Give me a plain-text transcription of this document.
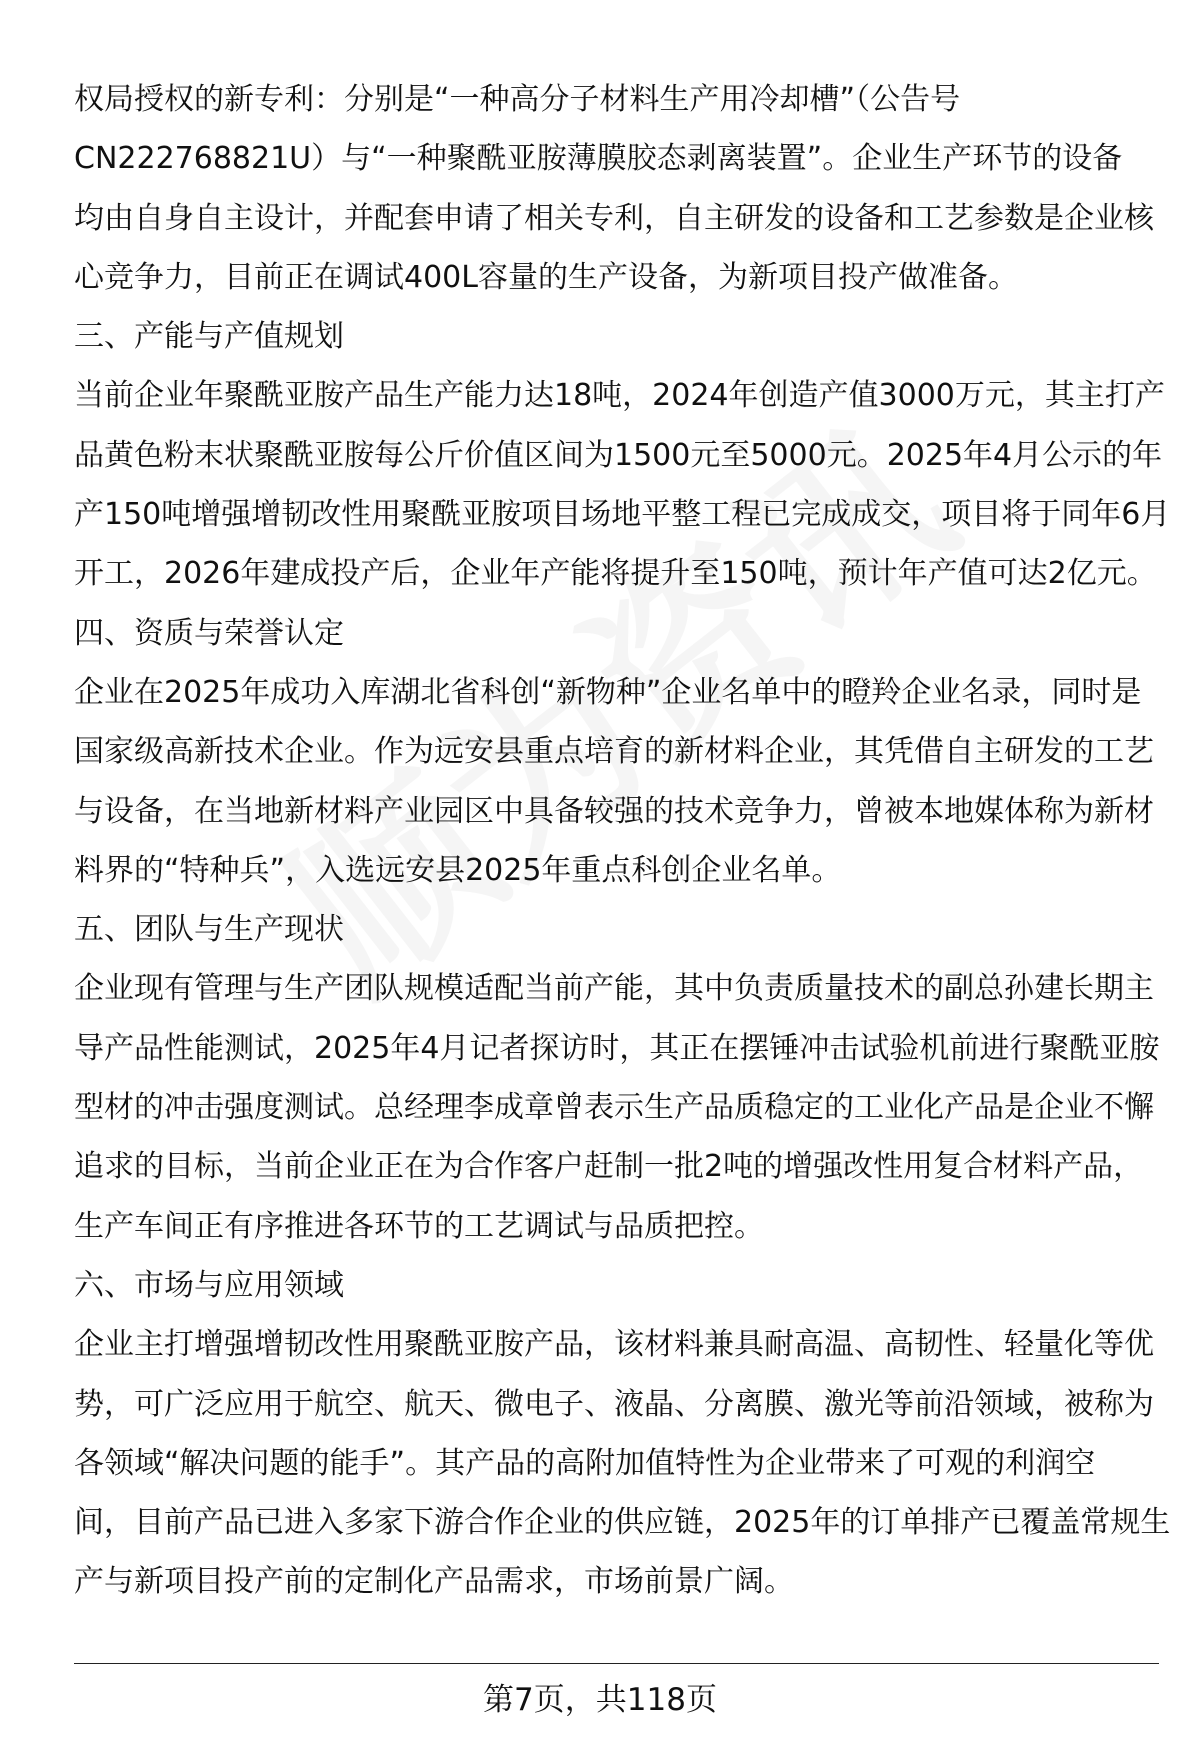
权局授权的新专利：分别是“一种高分子材料生产用冷却槽”（公告号
CN222768821U）与“一种聚酰亚胺薄膜胶态剥离装置”。企业生产环节的设备
均由自身自主设计，并配套申请了相关专利，自主研发的设备和工艺参数是企业核
心竞争力，目前正在调试400L容量的生产设备，为新项目投产做准备。
三、产能与产值规划
当前企业年聚酰亚胺产品生产能力达18吨，2024年创造产值3000万元，其主打产
品黄色粉末状聚酰亚胺每公斤价值区间为1500元至5000元。2025年4月公示的年
产150吨增强增韧改性用聚酰亚胺项目场地平整工程已完成成交，项目将于同年6月
开工，2026年建成投产后，企业年产能将提升至150吨，预计年产值可达2亿元。
四、资质与荣誉认定
企业在2025年成功入库湖北省科创“新物种”企业名单中的瞪羚企业名录，同时是
国家级高新技术企业。作为远安县重点培育的新材料企业，其凭借自主研发的工艺
与设备，在当地新材料产业园区中具备较强的技术竞争力，曾被本地媒体称为新材
料界的“特种兵”，入选远安县2025年重点科创企业名单。
五、团队与生产现状
企业现有管理与生产团队规模适配当前产能，其中负责质量技术的副总孙建长期主
导产品性能测试，2025年4月记者探访时，其正在摆锤冲击试验机前进行聚酰亚胺
型材的冲击强度测试。总经理李成章曾表示生产品质稳定的工业化产品是企业不懈
追求的目标，当前企业正在为合作客户赶制一批2吨的增强改性用复合材料产品，
生产车间正有序推进各环节的工艺调试与品质把控。
六、市场与应用领域
企业主打增强增韧改性用聚酰亚胺产品，该材料兼具耐高温、高韧性、轻量化等优
势，可广泛应用于航空、航天、微电子、液晶、分离膜、激光等前沿领域，被称为
各领域“解决问题的能手”。其产品的高附加值特性为企业带来了可观的利润空
间，目前产品已进入多家下游合作企业的供应链，2025年的订单排产已覆盖常规生
产与新项目投产前的定制化产品需求，市场前景广阔。
第7页，共118页
